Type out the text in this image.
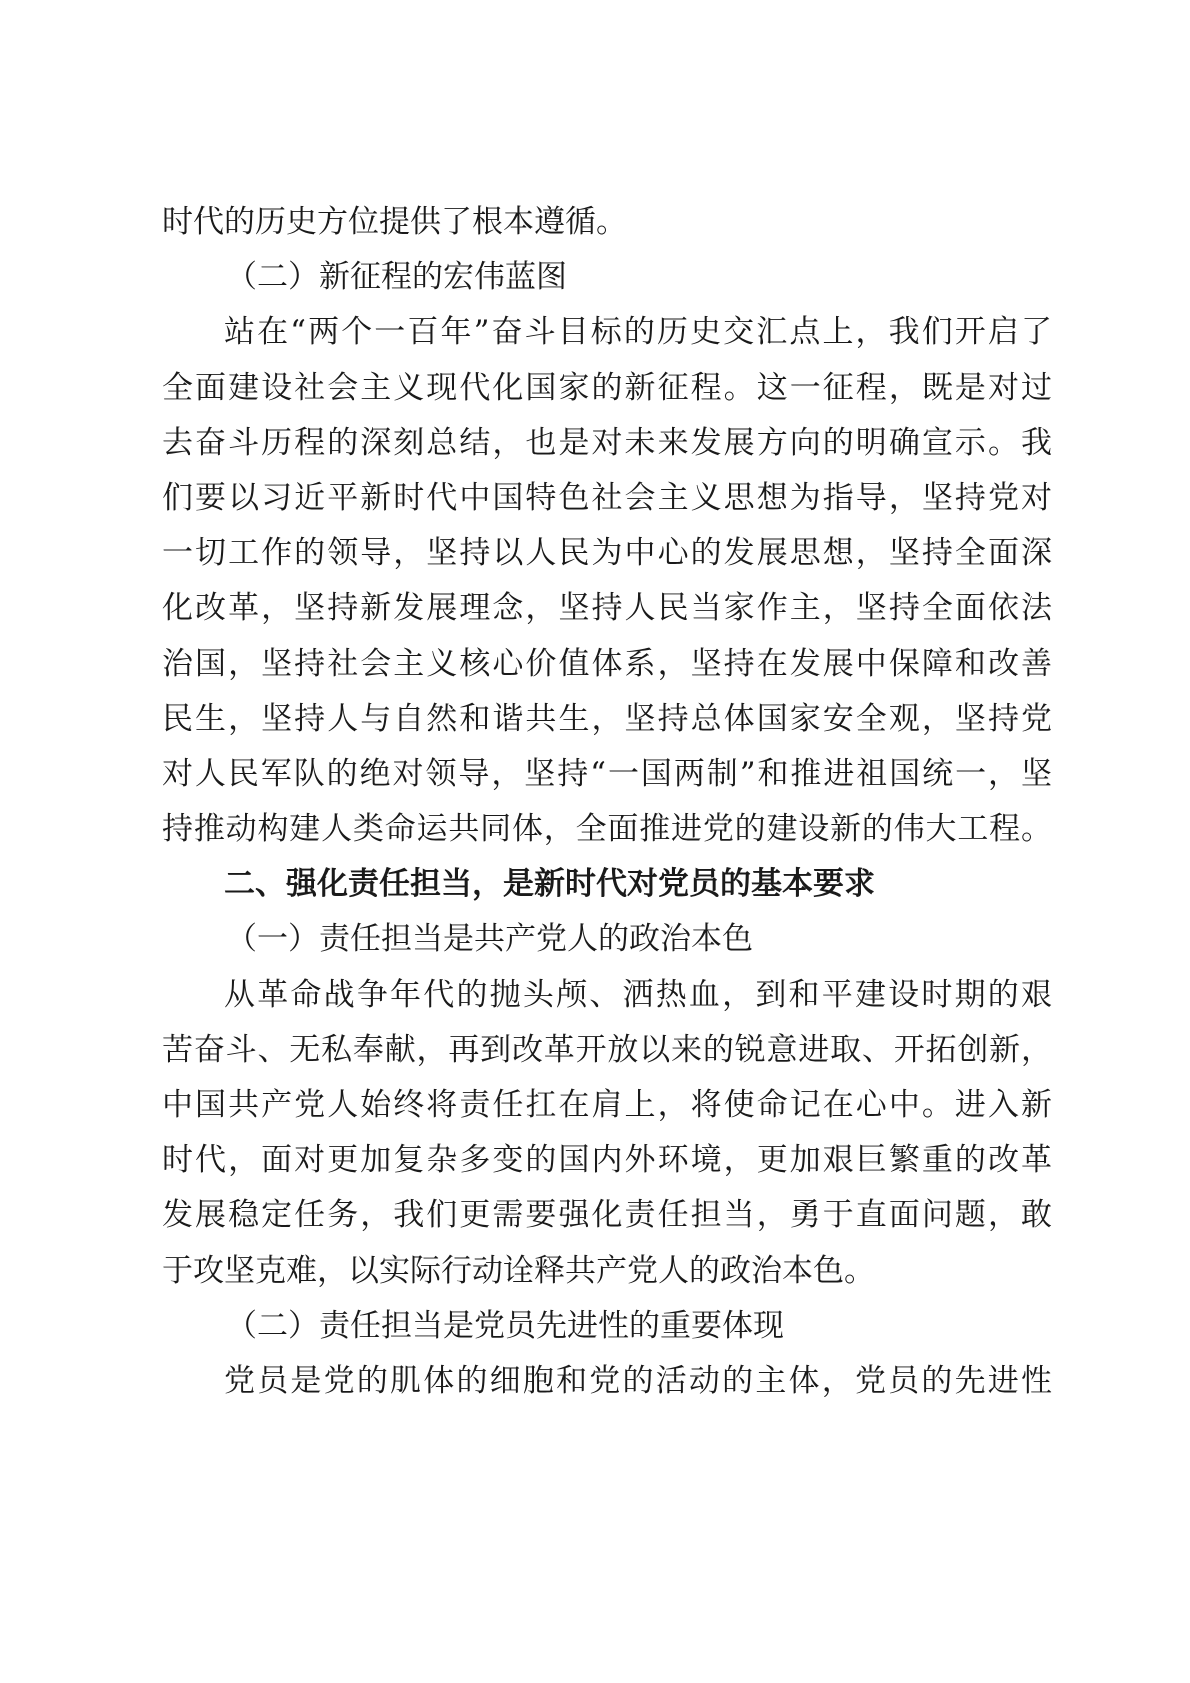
时代的历史方位提供了根本遵循。
（二）新征程的宏伟蓝图
站在“两个一百年”奋斗目标的历史交汇点上，我们开启了
全面建设社会主义现代化国家的新征程。这一征程，既是对过
去奋斗历程的深刻总结，也是对未来发展方向的明确宣示。我
们要以习近平新时代中国特色社会主义思想为指导，坚持党对
一切工作的领导，坚持以人民为中心的发展思想，坚持全面深
化改革，坚持新发展理念，坚持人民当家作主，坚持全面依法
治国，坚持社会主义核心价值体系，坚持在发展中保障和改善
民生，坚持人与自然和谐共生，坚持总体国家安全观，坚持党
对人民军队的绝对领导，坚持“一国两制”和推进祖国统一，坚
持推动构建人类命运共同体，全面推进党的建设新的伟大工程。
二、强化责任担当，是新时代对党员的基本要求
（一）责任担当是共产党人的政治本色
从革命战争年代的抛头颅、洒热血，到和平建设时期的艰
苦奋斗、无私奉献，再到改革开放以来的锐意进取、开拓创新，
中国共产党人始终将责任扛在肩上，将使命记在心中。进入新
时代，面对更加复杂多变的国内外环境，更加艰巨繁重的改革
发展稳定任务，我们更需要强化责任担当，勇于直面问题，敢
于攻坚克难，以实际行动诠释共产党人的政治本色。
（二）责任担当是党员先进性的重要体现
党员是党的肌体的细胞和党的活动的主体，党员的先进性
